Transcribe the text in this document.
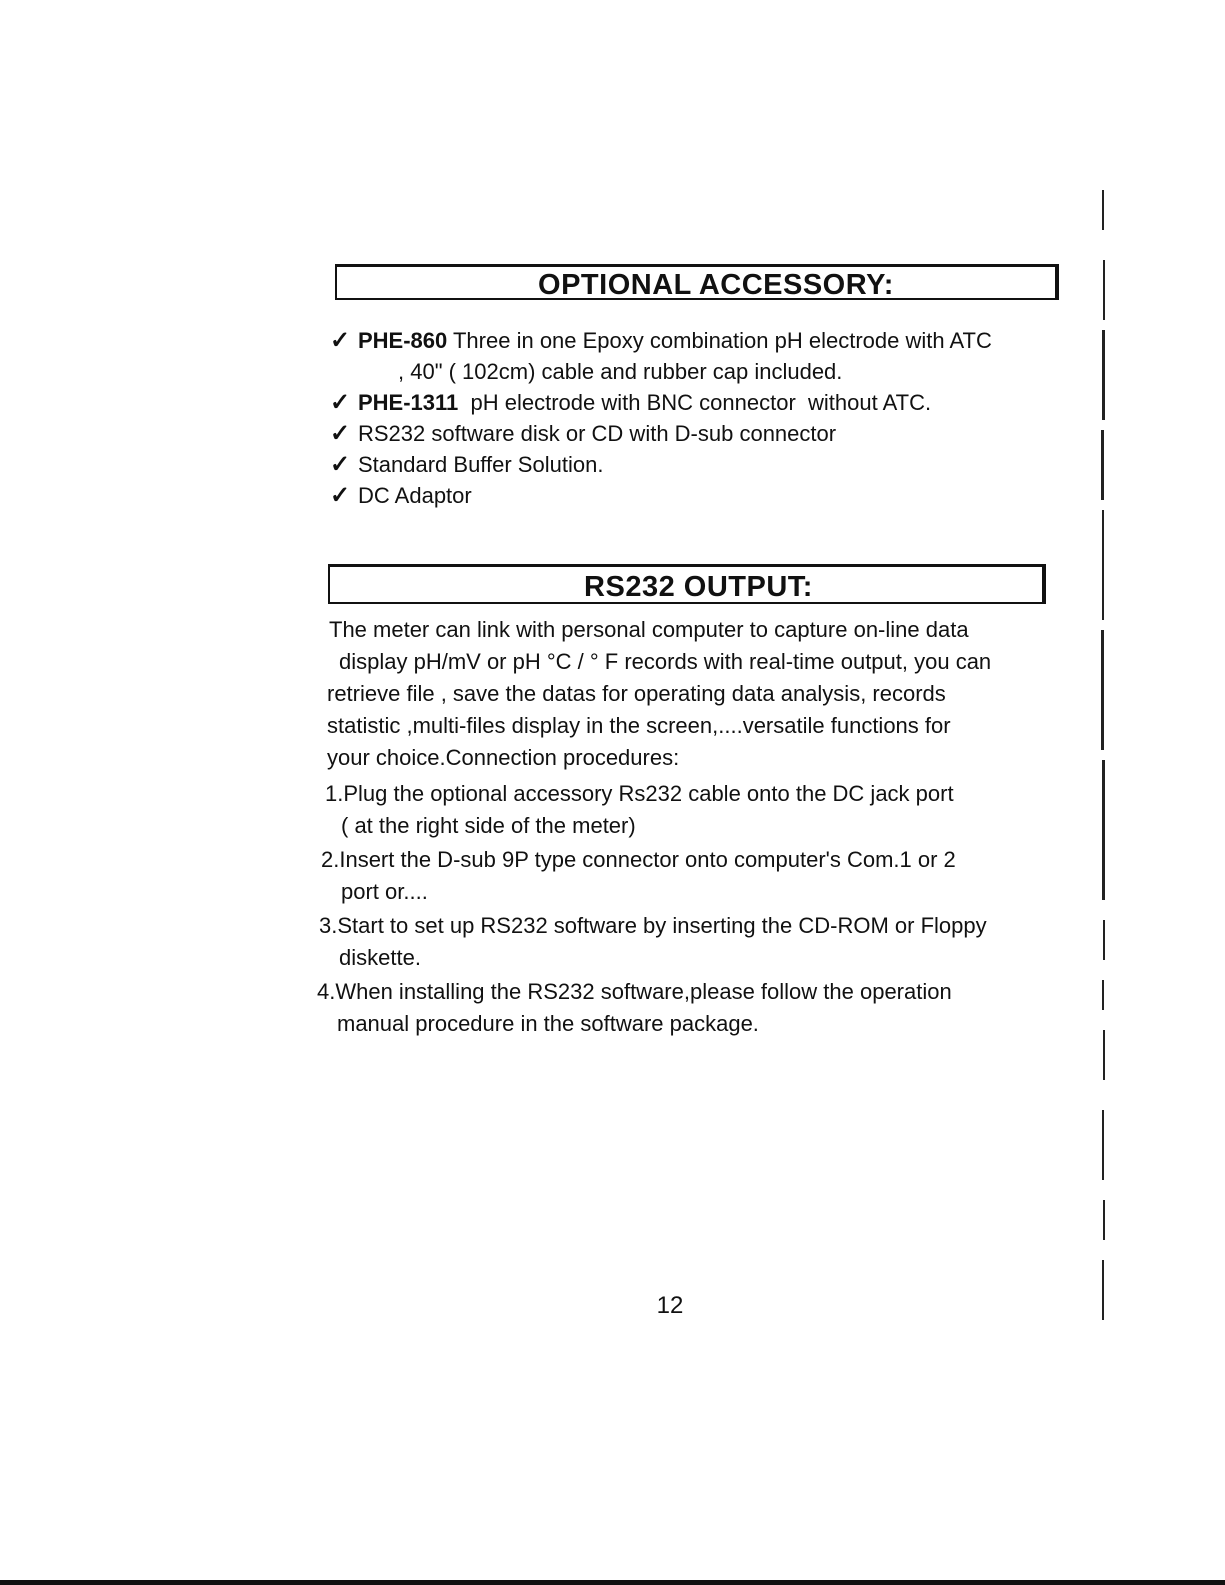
OPTIONAL ACCESSORY:
✓ PHE-860 Three in one Epoxy combination pH electrode with ATC
, 40" ( 102cm) cable and rubber cap included.
✓ PHE-1311  pH electrode with BNC connector  without ATC.
✓ RS232 software disk or CD with D-sub connector
✓ Standard Buffer Solution.
✓ DC Adaptor
RS232 OUTPUT:

The meter can link with personal computer to capture on-line data
display pH/mV or pH °C / ° F records with real-time output, you can
retrieve file , save the datas for operating data analysis, records
statistic ,multi-files display in the screen,....versatile functions for
your choice.Connection procedures:

1.Plug the optional accessory Rs232 cable onto the DC jack port
( at the right side of the meter)
2.Insert the D-sub 9P type connector onto computer's Com.1 or 2
port or....
3.Start to set up RS232 software by inserting the CD-ROM or Floppy
diskette.
4.When installing the RS232 software,please follow the operation
manual procedure in the software package.
12
